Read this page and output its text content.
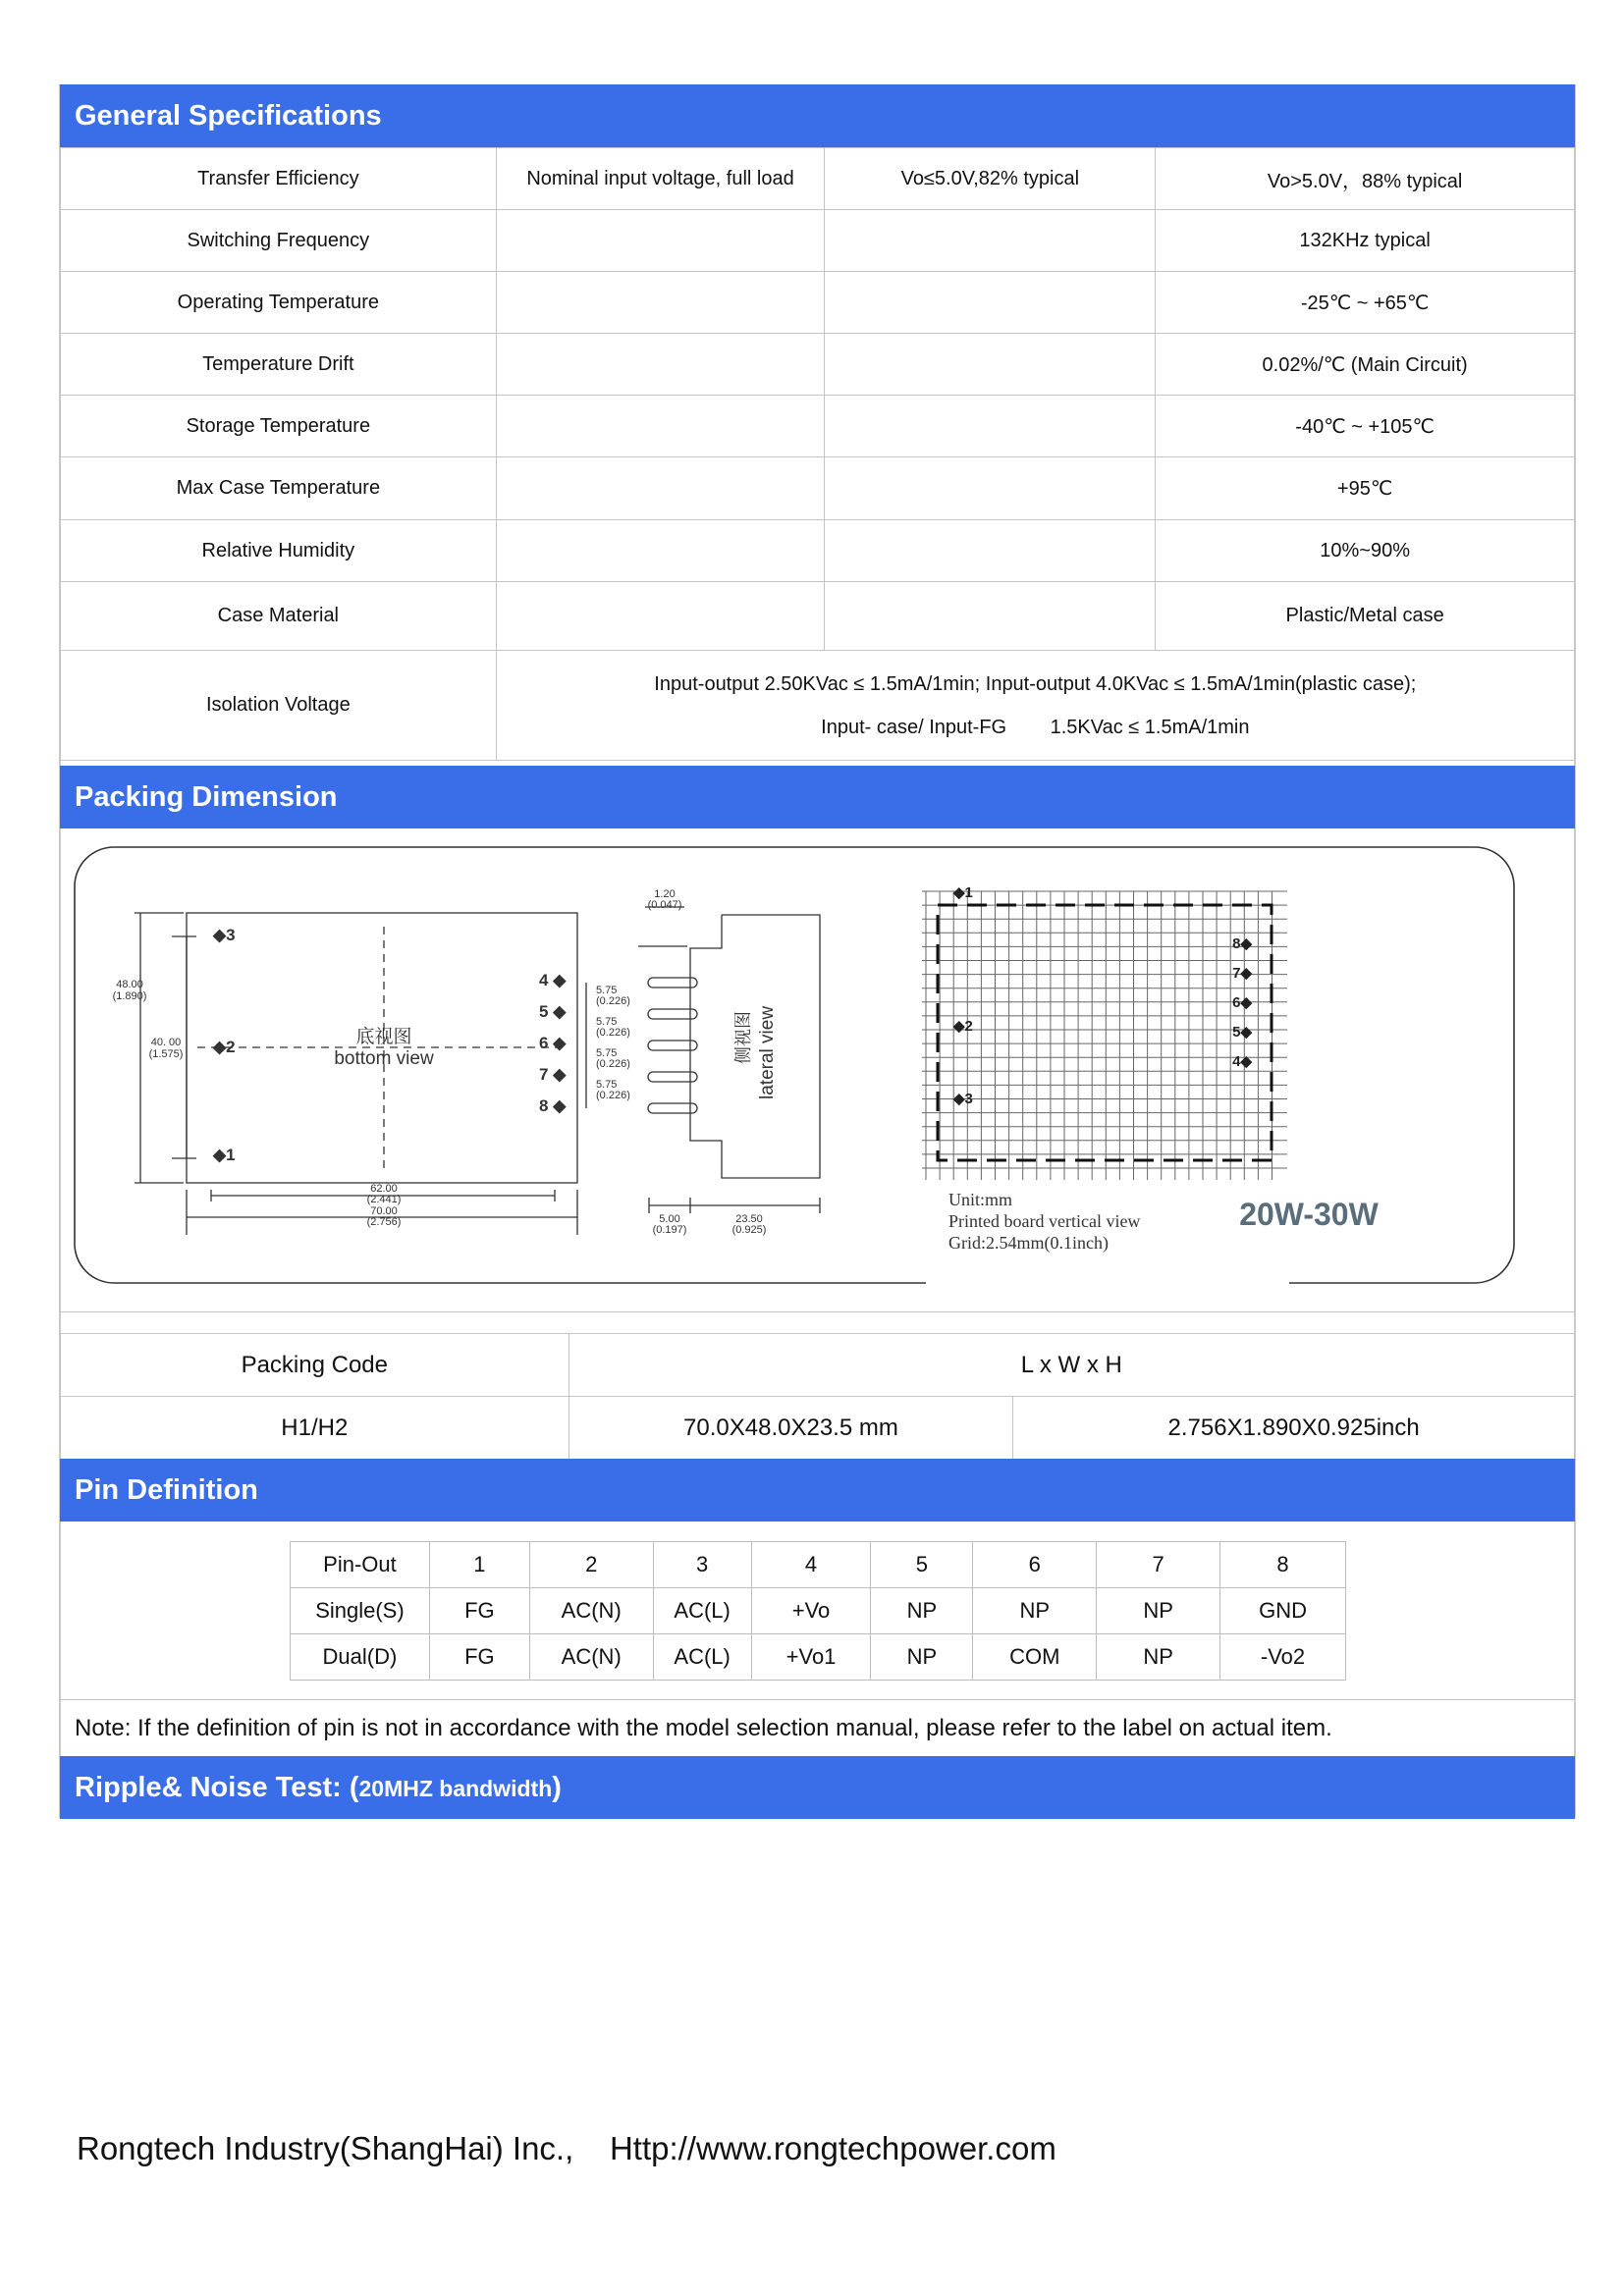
General Specifications
Transfer Efficiency	Nominal input voltage, full load	Vo≤5.0V,82% typical	Vo>5.0V，88% typical
Switching Frequency			132KHz typical
Operating Temperature			-25℃ ~ +65℃
Temperature Drift			0.02%/℃ (Main Circuit)
Storage Temperature			-40℃ ~ +105℃
Max Case Temperature			+95℃
Relative Humidity			10%~90%
Case Material			Plastic/Metal case
Isolation Voltage	Input-output 2.50KVac ≤ 1.5mA/1min; Input-output 4.0KVac ≤ 1.5mA/1min(plastic case);
Input- case/ Input-FG        1.5KVac ≤ 1.5mA/1min		
Packing Dimension
48.00
(1.890)
40. 00
(1.575)
62.00
(2.441)
70.00
(2.756)
底视图
bottom view
◆3
◆2
◆1
4 ◆
5 ◆
6 ◆
7 ◆
8 ◆
5.75
(0.226)
5.75
(0.226)
5.75
(0.226)
5.75
(0.226)
1.20
(0.047)
5.00
(0.197)
23.50
(0.925)
侧视图 lateral view
◆1
◆2
◆3
8◆
7◆
6◆
5◆
4◆
Unit:mm
Printed board vertical view
Grid:2.54mm(0.1inch)
20W-30W
Packing Code	L x W x H	
H1/H2	70.0X48.0X23.5 mm	2.756X1.890X0.925inch
Pin Definition
Pin-Out	1	2	3	4	5	6	7	8
Single(S)	FG	AC(N)	AC(L)	+Vo	NP	NP	NP	GND
Dual(D)	FG	AC(N)	AC(L)	+Vo1	NP	COM	NP	-Vo2
Note: If the definition of pin is not in accordance with the model selection manual, please refer to the label on actual item.
Ripple& Noise Test: (20MHZ bandwidth)
Rongtech Industry(ShangHai) Inc., Http://www.rongtechpower.com
